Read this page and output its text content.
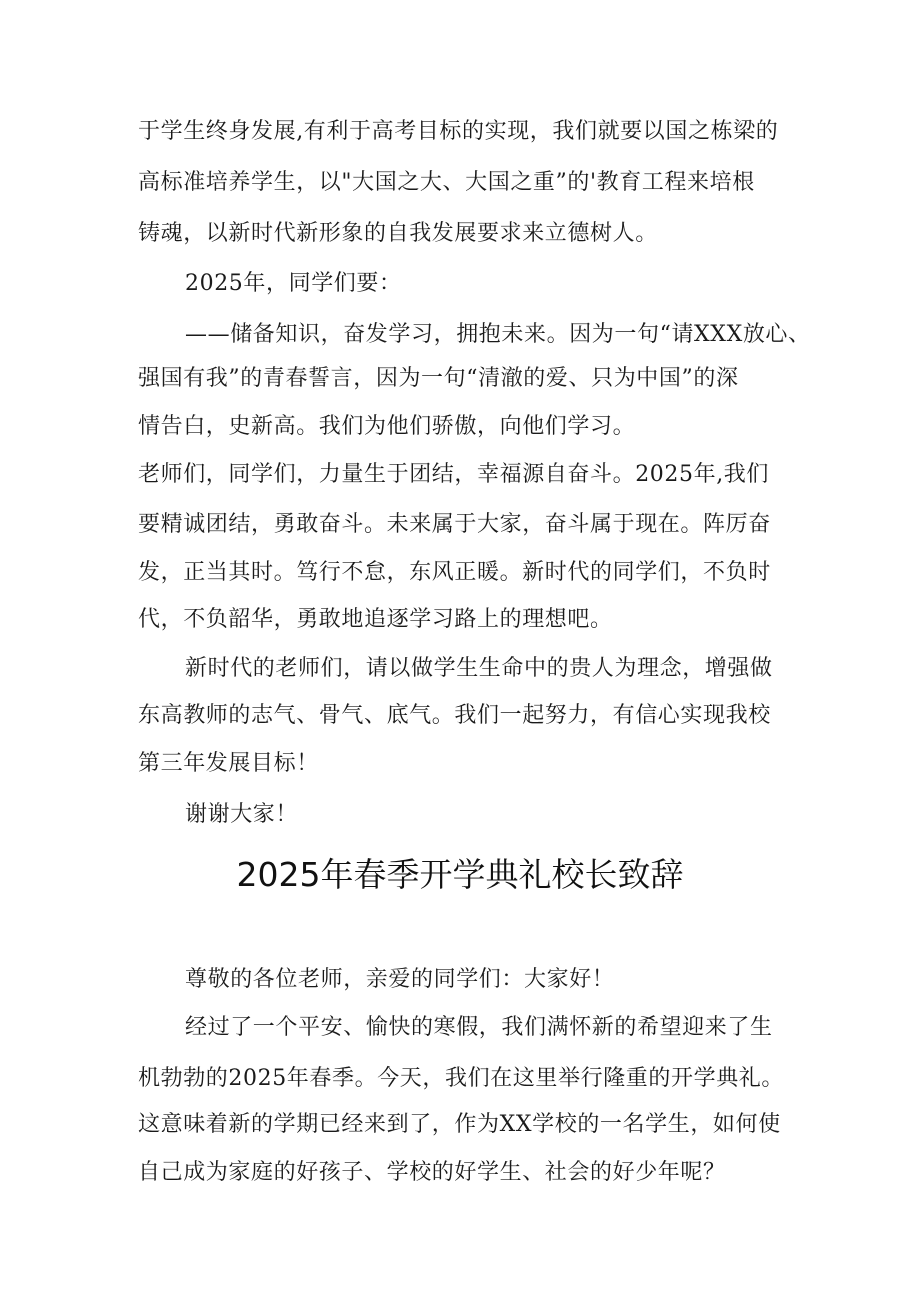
于学生终身发展,有利于高考目标的实现，我们就要以国之栋梁的
高标准培养学生，以"大国之大、大国之重”的'教育工程来培根
铸魂，以新时代新形象的自我发展要求来立德树人。
2025年，同学们要：
——储备知识，奋发学习，拥抱未来。因为一句“请XXX放心、
强国有我”的青春誓言，因为一句“清澈的爱、只为中国”的深
情告白，史新高。我们为他们骄傲，向他们学习。
老师们，同学们，力量生于团结，幸福源自奋斗。2025年,我们
要精诚团结，勇敢奋斗。未来属于大家，奋斗属于现在。阵厉奋
发，正当其时。笃行不怠，东风正暖。新时代的同学们，不负时
代，不负韶华，勇敢地追逐学习路上的理想吧。
新时代的老师们，请以做学生生命中的贵人为理念，增强做
东高教师的志气、骨气、底气。我们一起努力，有信心实现我校
第三年发展目标！
谢谢大家！
2025年春季开学典礼校长致辞
尊敬的各位老师，亲爱的同学们：大家好！
经过了一个平安、愉快的寒假，我们满怀新的希望迎来了生
机勃勃的2025年春季。今天，我们在这里举行隆重的开学典礼。
这意味着新的学期已经来到了，作为XX学校的一名学生，如何使
自己成为家庭的好孩子、学校的好学生、社会的好少年呢？
